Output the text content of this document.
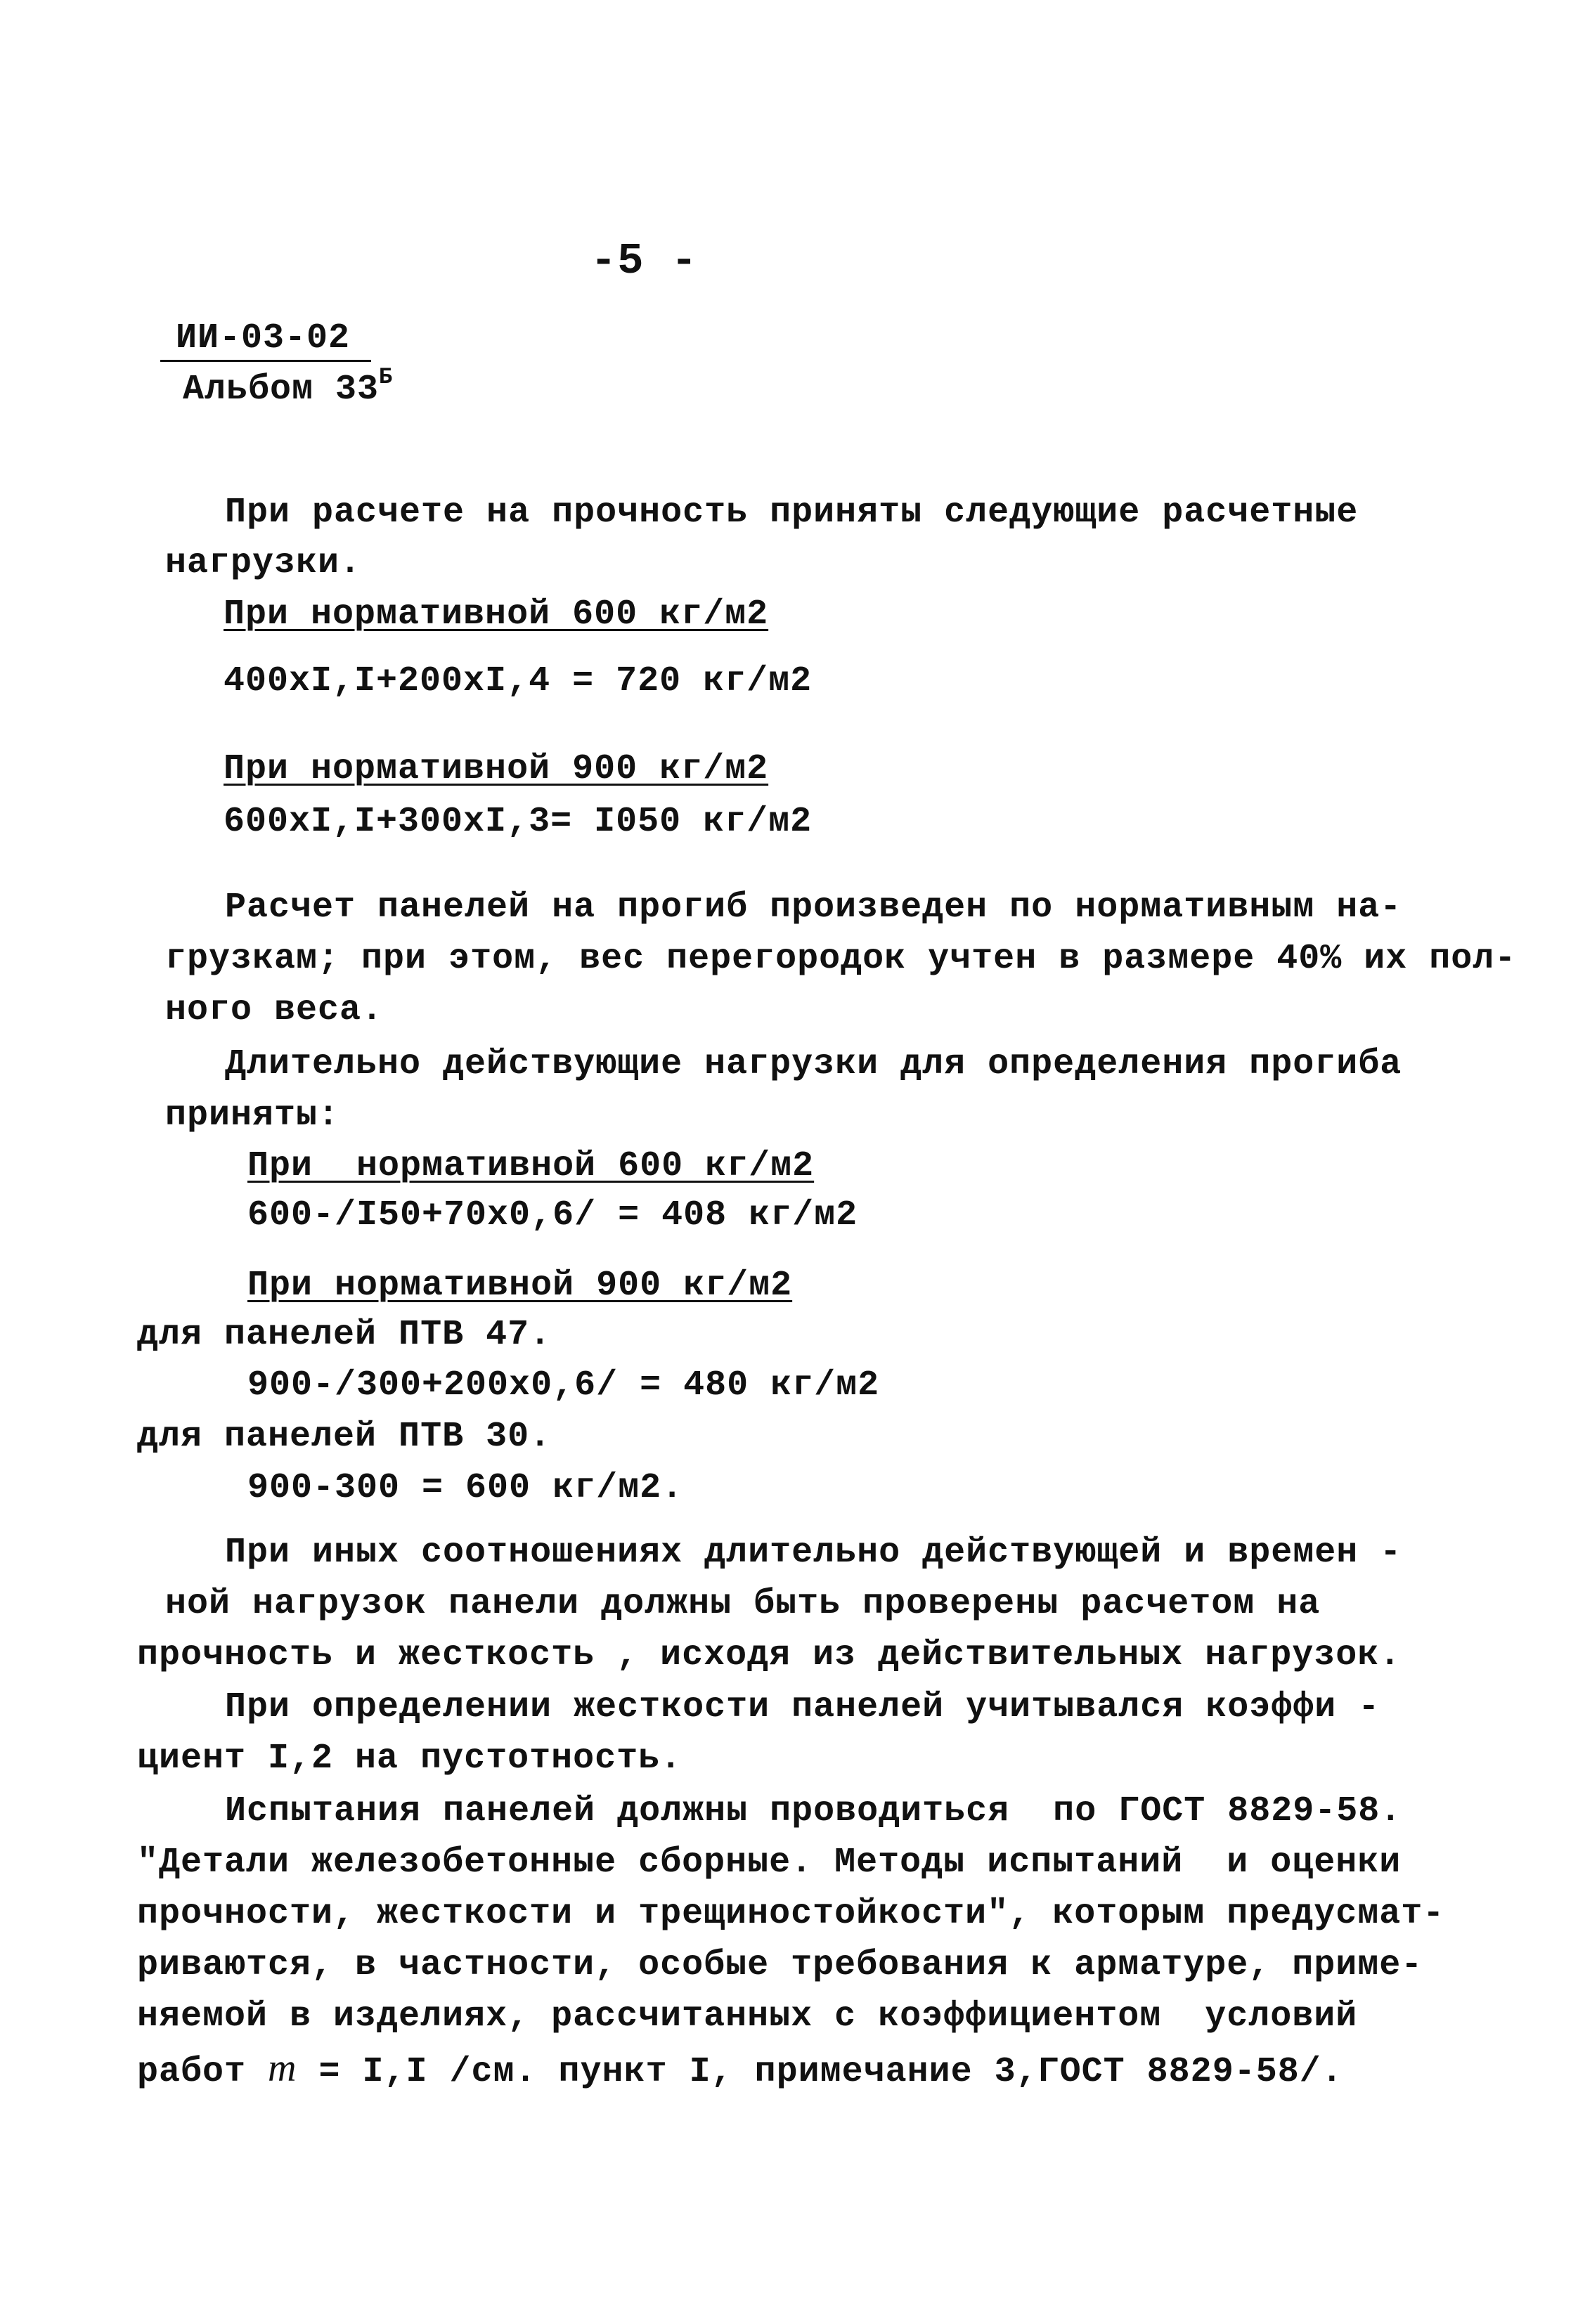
-5 -
ИИ-03-02
Альбом $33^Б$
При расчете на прочность приняты следующие расчетные
нагрузки.
При нормативной 600 кг/м2
400xI,I+200xI,4 = 720 кг/м2
При нормативной 900 кг/м2
600xI,I+300xI,3= I050 кг/м2
Расчет панелей на прогиб произведен по нормативным на-
грузкам; при этом, вес перегородок учтен в размере 40% их пол-
ного веса.
Длительно действующие нагрузки для определения прогиба
приняты:
При  нормативной 600 кг/м2
600-/I50+70x0,6/ = 408 кг/м2
При нормативной 900 кг/м2
для панелей ПТВ 47.
900-/300+200x0,6/ = 480 кг/м2
для панелей ПТВ 30.
900-300 = 600 кг/м2.
При иных соотношениях длительно действующей и времен -
ной нагрузок панели должны быть проверены расчетом на
прочность и жесткость , исходя из действительных нагрузок.
При определении жесткости панелей учитывался коэффи -
циент I,2 на пустотность.
Испытания панелей должны проводиться  по ГОСТ 8829-58.
"Детали железобетонные сборные. Методы испытаний  и оценки
прочности, жесткости и трещиностойкости", которым предусмат-
риваются, в частности, особые требования к арматуре, приме-
няемой в изделиях, рассчитанных с коэффициентом  условий
работ m = I,I /см. пункт I, примечание 3,ГОСТ 8829-58/.
